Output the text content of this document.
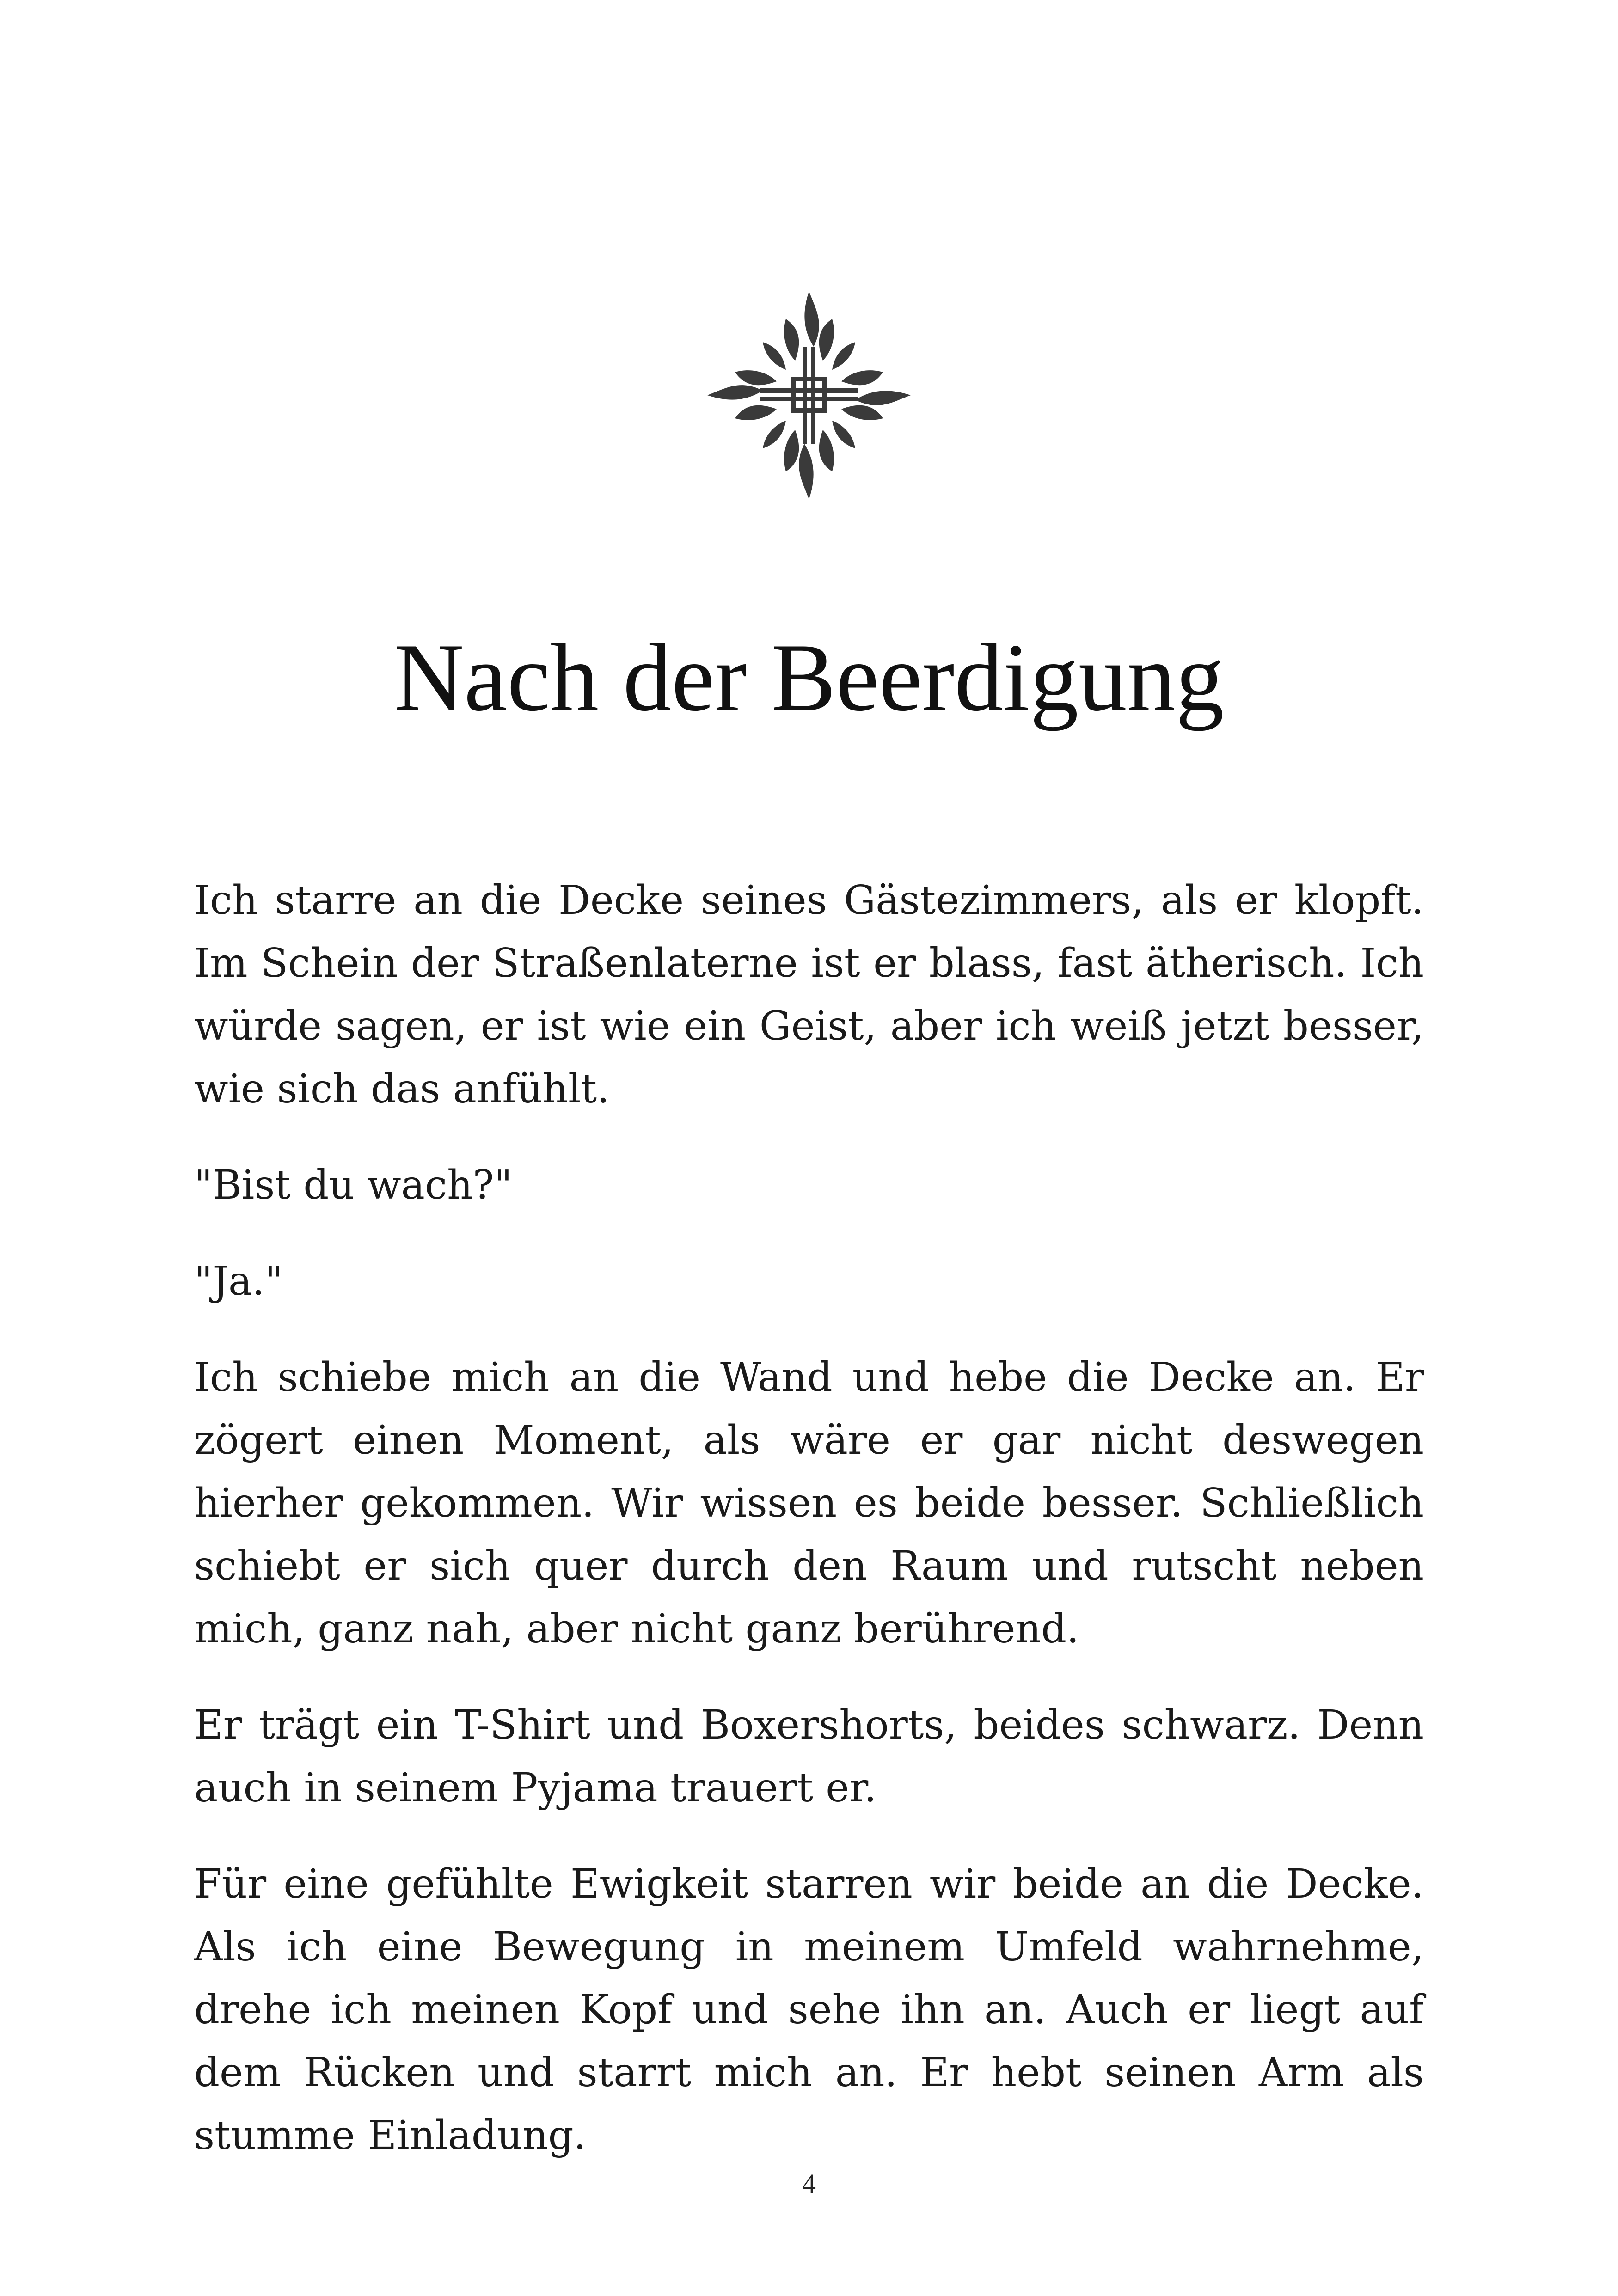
Nach der Beerdigung

Ich starre an die Decke seines Gästezimmers, als er klopft. Im Schein der Straßenlaterne ist er blass, fast ätherisch. Ich würde sagen, er ist wie ein Geist, aber ich weiß jetzt besser, wie sich das anfühlt.

"Bist du wach?"

"Ja."

Ich schiebe mich an die Wand und hebe die Decke an. Er zögert einen Moment, als wäre er gar nicht deswegen hierher gekommen. Wir wissen es beide besser. Schließlich schiebt er sich quer durch den Raum und rutscht neben mich, ganz nah, aber nicht ganz berührend.

Er trägt ein T-Shirt und Boxershorts, beides schwarz. Denn auch in seinem Pyjama trauert er.

Für eine gefühlte Ewigkeit starren wir beide an die Decke. Als ich eine Bewegung in meinem Umfeld wahrnehme, drehe ich meinen Kopf und sehe ihn an. Auch er liegt auf dem Rücken und starrt mich an. Er hebt seinen Arm als stumme Einladung.

4
